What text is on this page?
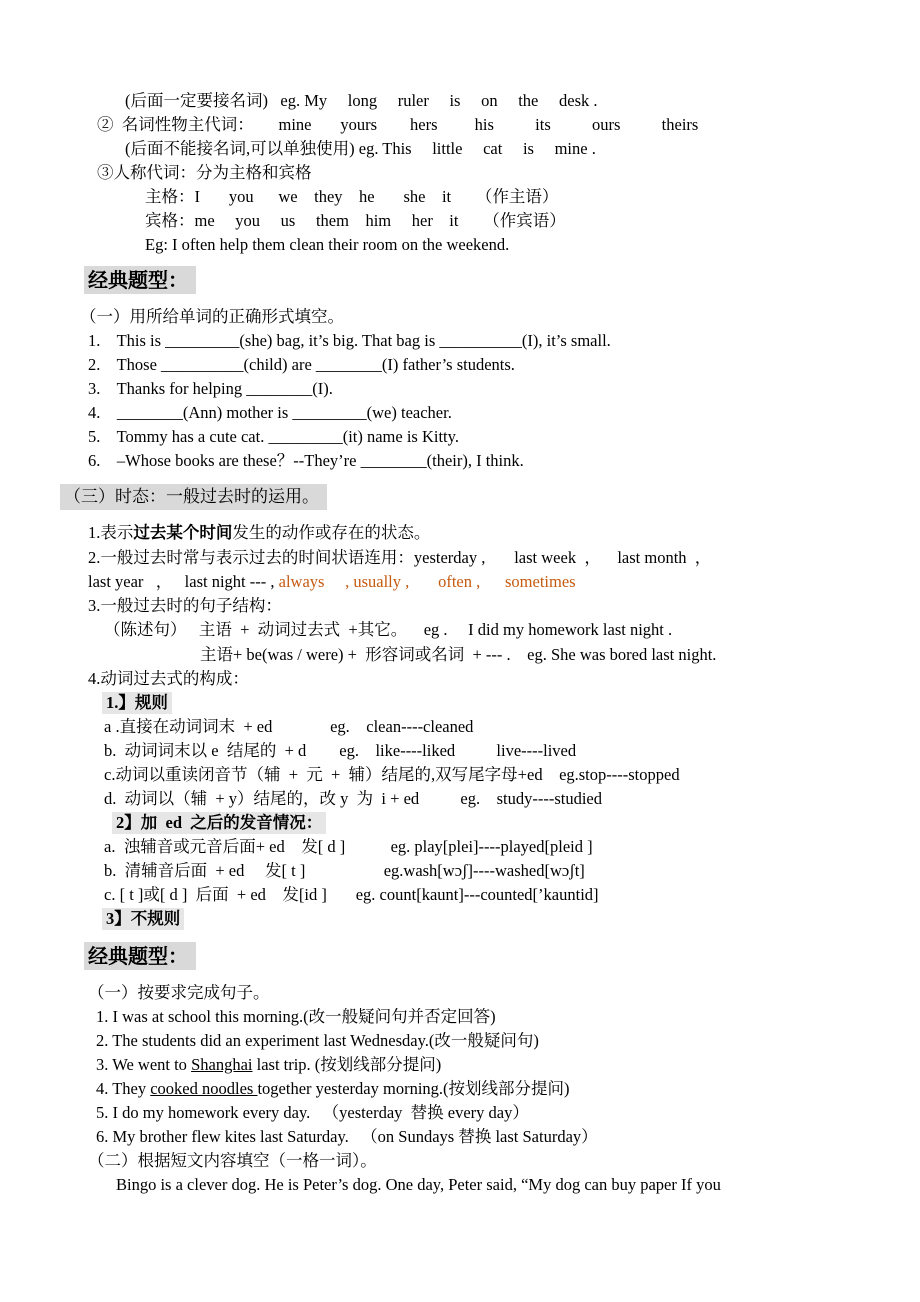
(后面一定要接名词)   eg. My     long     ruler     is     on     the     desk .
②  名词性物主代词：      mine       yours        hers         his          its          ours          theirs
(后面不能接名词,可以单独使用) eg. This     little     cat     is     mine .
③人称代词：分为主格和宾格
主格：I       you      we    they    he       she    it      （作主语）
宾格：me     you     us     them    him     her    it      （作宾语）
Eg: I often help them clean their room on the weekend.
经典题型：
（一）用所给单词的正确形式填空。
1.    This is _________(she) bag, it’s big. That bag is __________(I), it’s small.
2.    Those __________(child) are ________(I) father’s students.
3.    Thanks for helping ________(I).
4.    ________(Ann) mother is _________(we) teacher.
5.    Tommy has a cute cat. _________(it) name is Kitty.
6.    –Whose books are these？--They’re ________(their), I think.
（三）时态：一般过去时的运用。
1.表示过去某个时间发生的动作或存在的状态。
2.一般过去时常与表示过去的时间状语连用：yesterday ,       last week  ，    last month  ，
last year   ，   last night --- , always     , usually ,       often ,      sometimes
3.一般过去时的句子结构：
（陈述句）   主语  +  动词过去式  +其它。    eg .     I did my homework last night .
主语+ be(was / were) +  形容词或名词  + --- .    eg. She was bored last night.
4.动词过去式的构成：
1.】规则
a .直接在动词词末  + ed              eg.    clean----cleaned
b.  动词词末以 e  结尾的  + d        eg.    like----liked          live----lived
c.动词以重读闭音节（辅  +  元  +  辅）结尾的,双写尾字母+ed    eg.stop----stopped
d.  动词以（辅  + y）结尾的，改 y  为  i + ed          eg.    study----studied
2】加  ed  之后的发音情况：
a.  浊辅音或元音后面+ ed    发[ d ]           eg. play[plei]----played[pleid ]
b.  清辅音后面  + ed     发[ t ]                   eg.wash[wɔʃ]----washed[wɔʃt]
c. [ t ]或[ d ]  后面  + ed    发[id ]       eg. count[kaunt]---counted[’kauntid]
3】不规则
经典题型：
（一）按要求完成句子。
1. I was at school this morning.(改一般疑问句并否定回答)
2. The students did an experiment last Wednesday.(改一般疑问句)
3. We went to Shanghai last trip. (按划线部分提问)
4. They cooked noodles together yesterday morning.(按划线部分提问)
5. I do my homework every day.   （yesterday  替换 every day）
6. My brother flew kites last Saturday.   （on Sundays 替换 last Saturday）
（二）根据短文内容填空（一格一词）。
Bingo is a clever dog. He is Peter’s dog. One day, Peter said, “My dog can buy paper If you
